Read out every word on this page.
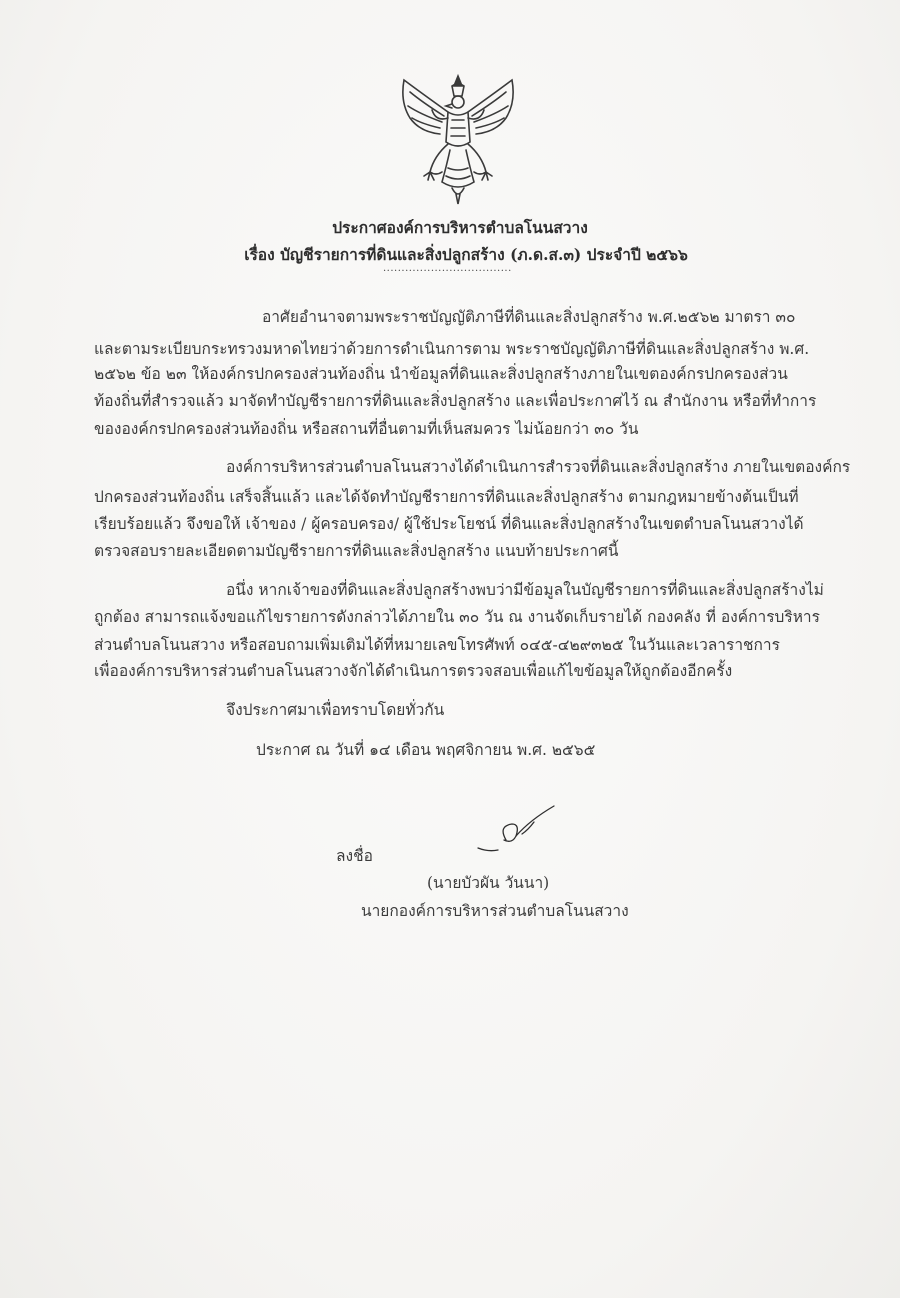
ประกาศองค์การบริหารตำบลโนนสวาง
เรื่อง บัญชีรายการที่ดินและสิ่งปลูกสร้าง (ภ.ด.ส.๓) ประจำปี ๒๕๖๖
...................................
อาศัยอำนาจตามพระราชบัญญัติภาษีที่ดินและสิ่งปลูกสร้าง พ.ศ.๒๕๖๒ มาตรา ๓๐
และตามระเบียบกระทรวงมหาดไทยว่าด้วยการดำเนินการตาม พระราชบัญญัติภาษีที่ดินและสิ่งปลูกสร้าง พ.ศ.
๒๕๖๒ ข้อ ๒๓ ให้องค์กรปกครองส่วนท้องถิ่น นำข้อมูลที่ดินและสิ่งปลูกสร้างภายในเขตองค์กรปกครองส่วน
ท้องถิ่นที่สำรวจแล้ว มาจัดทำบัญชีรายการที่ดินและสิ่งปลูกสร้าง และเพื่อประกาศไว้ ณ สำนักงาน หรือที่ทำการ
ขององค์กรปกครองส่วนท้องถิ่น หรือสถานที่อื่นตามที่เห็นสมควร ไม่น้อยกว่า ๓๐ วัน
องค์การบริหารส่วนตำบลโนนสวางได้ดำเนินการสำรวจที่ดินและสิ่งปลูกสร้าง ภายในเขตองค์กร
ปกครองส่วนท้องถิ่น เสร็จสิ้นแล้ว และได้จัดทำบัญชีรายการที่ดินและสิ่งปลูกสร้าง ตามกฎหมายข้างต้นเป็นที่
เรียบร้อยแล้ว จึงขอให้ เจ้าของ / ผู้ครอบครอง/ ผู้ใช้ประโยชน์ ที่ดินและสิ่งปลูกสร้างในเขตตำบลโนนสวางได้
ตรวจสอบรายละเอียดตามบัญชีรายการที่ดินและสิ่งปลูกสร้าง แนบท้ายประกาศนี้
อนึ่ง หากเจ้าของที่ดินและสิ่งปลูกสร้างพบว่ามีข้อมูลในบัญชีรายการที่ดินและสิ่งปลูกสร้างไม่
ถูกต้อง สามารถแจ้งขอแก้ไขรายการดังกล่าวได้ภายใน ๓๐ วัน ณ งานจัดเก็บรายได้ กองคลัง ที่ องค์การบริหาร
ส่วนตำบลโนนสวาง หรือสอบถามเพิ่มเติมได้ที่หมายเลขโทรศัพท์ ๐๔๕-๔๒๙๓๒๕ ในวันและเวลาราชการ
เพื่อองค์การบริหารส่วนตำบลโนนสวางจักได้ดำเนินการตรวจสอบเพื่อแก้ไขข้อมูลให้ถูกต้องอีกครั้ง
จึงประกาศมาเพื่อทราบโดยทั่วกัน
ประกาศ ณ วันที่ ๑๔ เดือน พฤศจิกายน พ.ศ. ๒๕๖๕
ลงชื่อ
(นายบัวผัน วันนา)
นายกองค์การบริหารส่วนตำบลโนนสวาง
